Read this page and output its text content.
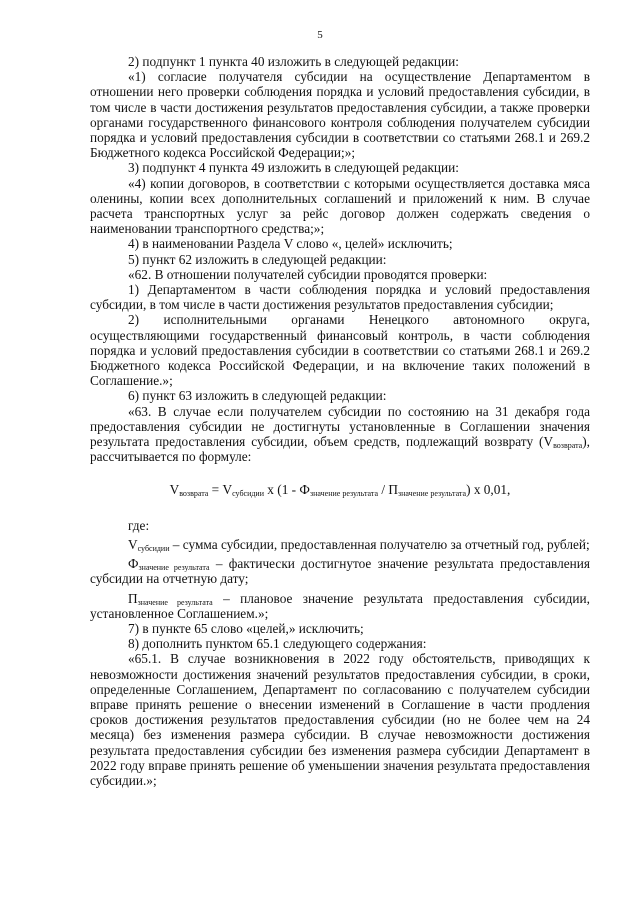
5

2) подпункт 1 пункта 40 изложить в следующей редакции:

«1) согласие получателя субсидии на осуществление Департаментом в отношении него проверки соблюдения порядка и условий предоставления субсидии, в том числе в части достижения результатов предоставления субсидии, а также проверки органами государственного финансового контроля соблюдения получателем субсидии порядка и условий предоставления субсидии в соответствии со статьями 268.1 и 269.2 Бюджетного кодекса Российской Федерации;»;

3) подпункт 4 пункта 49 изложить в следующей редакции:

«4) копии договоров, в соответствии с которыми осуществляется доставка мяса оленины, копии всех дополнительных соглашений и приложений к ним. В случае расчета транспортных услуг за рейс договор должен содержать сведения о наименовании транспортного средства;»;

4) в наименовании Раздела V слово «, целей» исключить;

5) пункт 62 изложить в следующей редакции:

«62. В отношении получателей субсидии проводятся проверки:

1) Департаментом в части соблюдения порядка и условий предоставления субсидии, в том числе в части достижения результатов предоставления субсидии;

2) исполнительными органами Ненецкого автономного округа, осуществляющими государственный финансовый контроль, в части соблюдения порядка и условий предоставления субсидии в соответствии со статьями 268.1 и 269.2 Бюджетного кодекса Российской Федерации, и на включение таких положений в Соглашение.»;

6) пункт 63 изложить в следующей редакции:

«63. В случае если получателем субсидии по состоянию на 31 декабря года предоставления субсидии не достигнуты установленные в Соглашении значения результата предоставления субсидии, объем средств, подлежащий возврату $(V_{возврата})$, рассчитывается по формуле:

$V_{возврата} = V_{субсидии}$ x $(1 - Ф_{значение результата} / П_{значение результата})$ x 0,01,

где:

$V_{субсидии}$ – сумма субсидии, предоставленная получателю за отчетный год, рублей;

$Ф_{значение результата}$ – фактически достигнутое значение результата предоставления субсидии на отчетную дату;

$П_{значение результата}$ – плановое значение результата предоставления субсидии, установленное Соглашением.»;

7) в пункте 65 слово «целей,» исключить;

8) дополнить пунктом 65.1 следующего содержания:

«65.1. В случае возникновения в 2022 году обстоятельств, приводящих к невозможности достижения значений результатов предоставления субсидии, в сроки, определенные Соглашением, Департамент по согласованию с получателем субсидии вправе принять решение о внесении изменений в Соглашение в части продления сроков достижения результатов предоставления субсидии (но не более чем на 24 месяца) без изменения размера субсидии. В случае невозможности достижения результата предоставления субсидии без изменения размера субсидии Департамент в 2022 году вправе принять решение об уменьшении значения результата предоставления субсидии.»;
